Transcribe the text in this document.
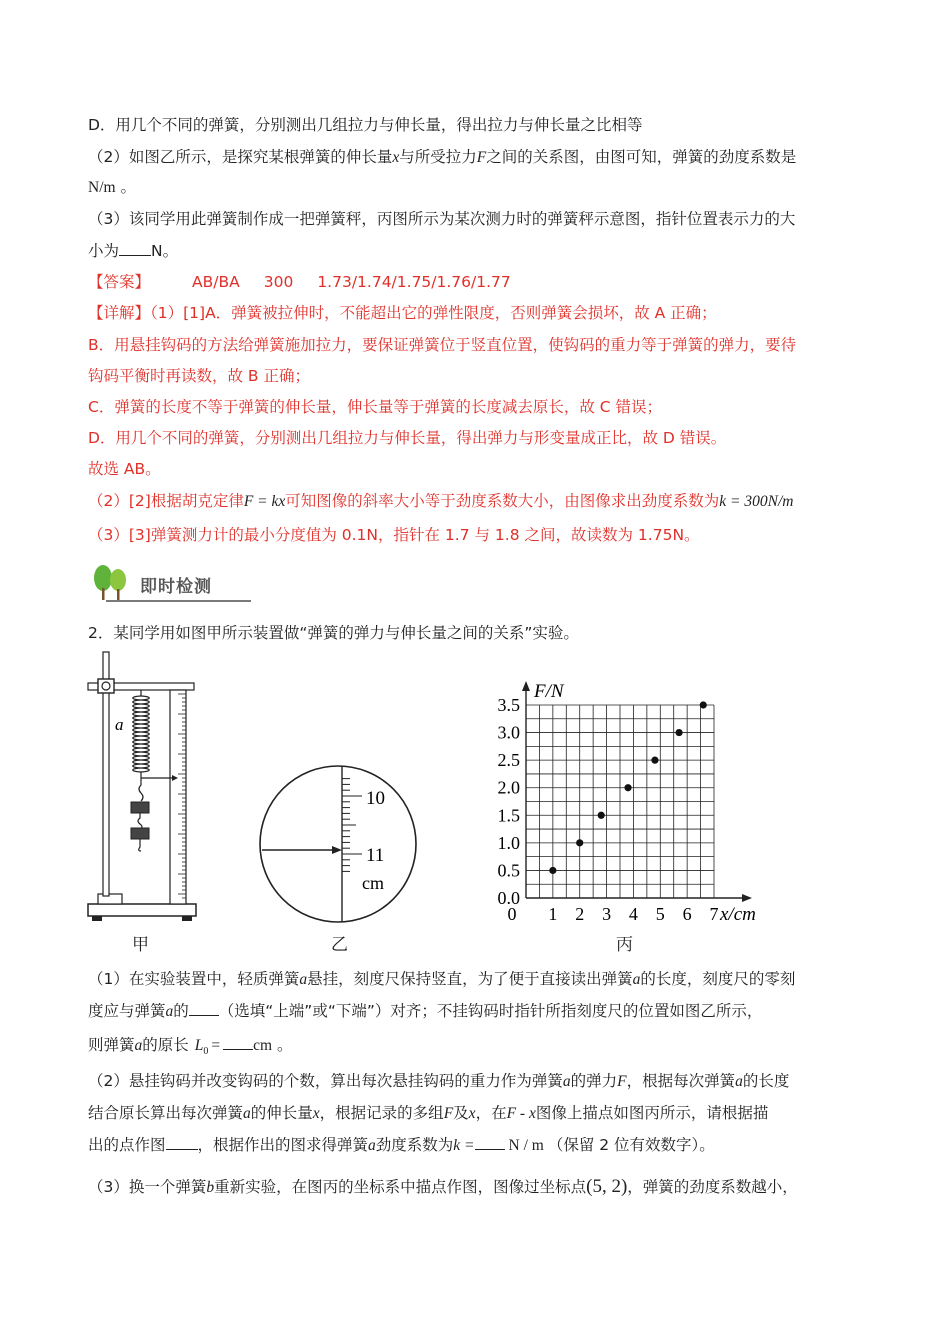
D．用几个不同的弹簧，分别测出几组拉力与伸长量，得出拉力与伸长量之比相等
（2）如图乙所示，是探究某根弹簧的伸长量x与所受拉力F之间的关系图，由图可知，弹簧的劲度系数是
N/m 。
（3）该同学用此弹簧制作成一把弹簧秤，丙图所示为某次测力时的弹簧秤示意图，指针位置表示力的大
小为 N。
【答案】	AB/BA 300 1.73/1.74/1.75/1.76/1.77
【详解】（1）[1]A．弹簧被拉伸时，不能超出它的弹性限度，否则弹簧会损坏，故 A 正确；
B．用悬挂钩码的方法给弹簧施加拉力，要保证弹簧位于竖直位置，使钩码的重力等于弹簧的弹力，要待
钩码平衡时再读数，故 B 正确；
C．弹簧的长度不等于弹簧的伸长量，伸长量等于弹簧的长度减去原长，故 C 错误；
D．用几个不同的弹簧，分别测出几组拉力与伸长量，得出弹力与形变量成正比，故 D 错误。
故选 AB。
（2）[2]根据胡克定律F = kx可知图像的斜率大小等于劲度系数大小，由图像求出劲度系数为k = 300N/m
（3）[3]弹簧测力计的最小分度值为 0.1N，指针在 1.7 与 1.8 之间，故读数为 1.75N。
即时检测
2．某同学用如图甲所示装置做“弹簧的弹力与伸长量之间的关系”实验。
a
甲
10
11
cm
乙
0.0
0.5
1.0
1.5
2.0
2.5
3.0
3.5
0 1 2 3 4 5 6 7
F/N
x/cm
丙
（1）在实验装置中，轻质弹簧a悬挂，刻度尺保持竖直，为了便于直接读出弹簧a的长度，刻度尺的零刻
度应与弹簧a的 （选填“上端”或“下端”）对齐；不挂钩码时指针所指刻度尺的位置如图乙所示，
则弹簧a的原长 $L_0$ = cm 。
（2）悬挂钩码并改变钩码的个数，算出每次悬挂钩码的重力作为弹簧a的弹力F，根据每次弹簧a的长度
结合原长算出每次弹簧a的伸长量x，根据记录的多组F及x，在F - x图像上描点如图丙所示，请根据描
出的点作图 ，根据作出的图求得弹簧a劲度系数为k = N / m （保留 2 位有效数字）。
（3）换一个弹簧b重新实验，在图丙的坐标系中描点作图，图像过坐标点(5, 2)，弹簧的劲度系数越小，
